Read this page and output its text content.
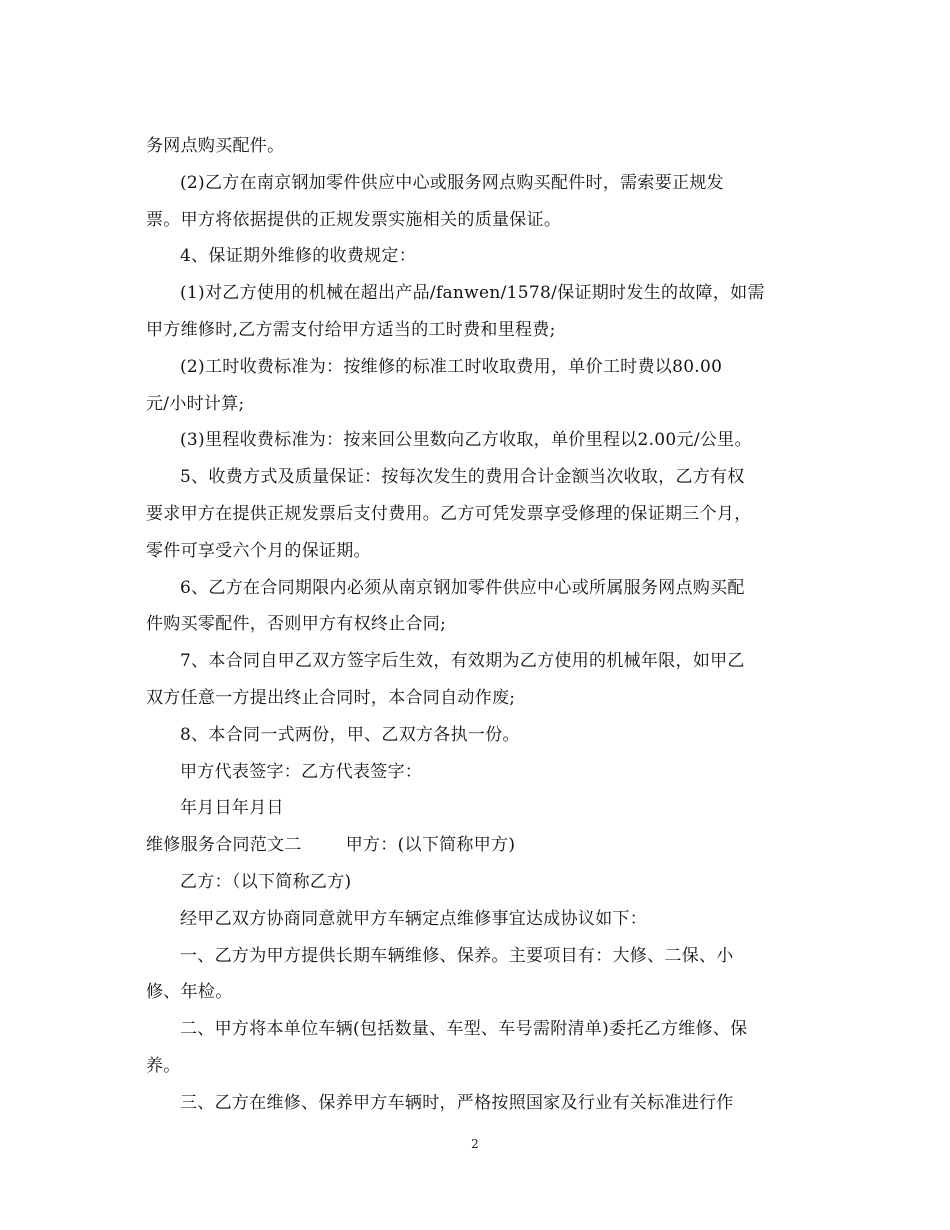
务网点购买配件。
(2)乙方在南京钢加零件供应中心或服务网点购买配件时，需索要正规发
票。甲方将依据提供的正规发票实施相关的质量保证。
4、保证期外维修的收费规定：
(1)对乙方使用的机械在超出产品/fanwen/1578/保证期时发生的故障，如需
甲方维修时,乙方需支付给甲方适当的工时费和里程费;
(2)工时收费标准为：按维修的标准工时收取费用，单价工时费以80.00
元/小时计算;
(3)里程收费标准为：按来回公里数向乙方收取，单价里程以2.00元/公里。
5、收费方式及质量保证：按每次发生的费用合计金额当次收取，乙方有权
要求甲方在提供正规发票后支付费用。乙方可凭发票享受修理的保证期三个月，
零件可享受六个月的保证期。
6、乙方在合同期限内必须从南京钢加零件供应中心或所属服务网点购买配
件购买零配件，否则甲方有权终止合同;
7、本合同自甲乙双方签字后生效，有效期为乙方使用的机械年限，如甲乙
双方任意一方提出终止合同时，本合同自动作废;
8、本合同一式两份，甲、乙双方各执一份。
甲方代表签字：乙方代表签字：
年月日年月日
维修服务合同范文二	甲方：(以下简称甲方)
乙方：（以下简称乙方)
经甲乙双方协商同意就甲方车辆定点维修事宜达成协议如下：
一、乙方为甲方提供长期车辆维修、保养。主要项目有：大修、二保、小
修、年检。
二、甲方将本单位车辆(包括数量、车型、车号需附清单)委托乙方维修、保
养。
三、乙方在维修、保养甲方车辆时，严格按照国家及行业有关标准进行作
2
